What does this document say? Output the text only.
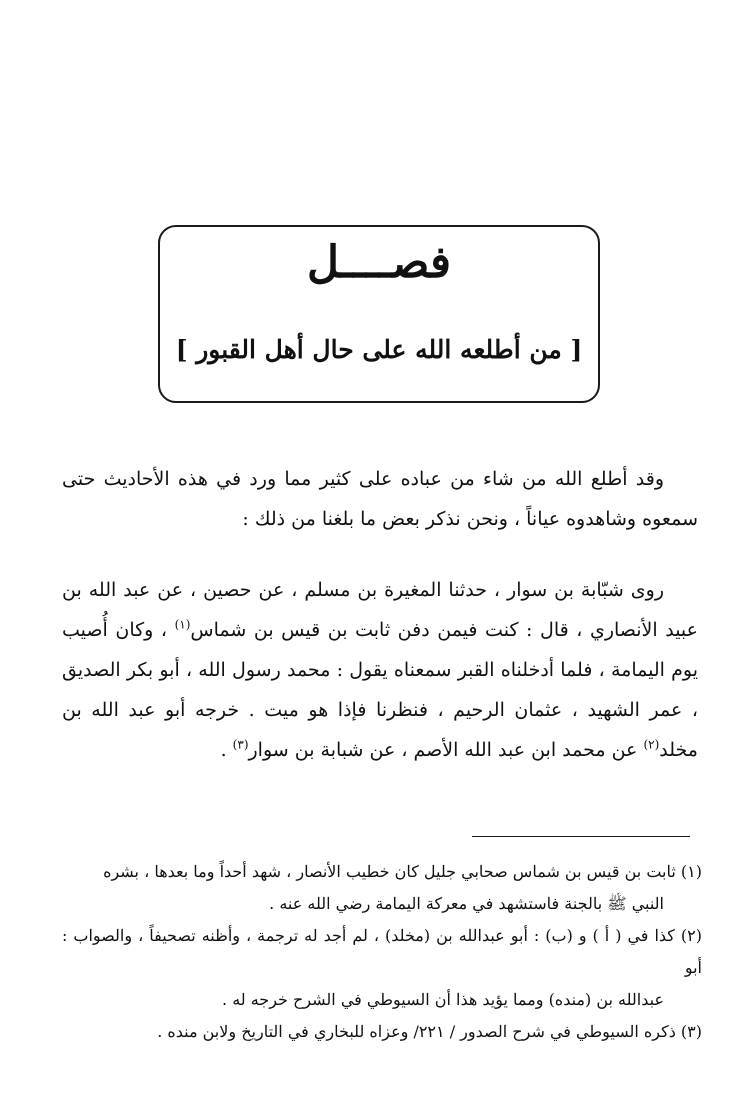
فصــــل
[ من أطلعه الله على حال أهل القبور ]

وقد أطلع الله من شاء من عباده على كثير مما ورد في هذه الأحاديث حتى سمعوه وشاهدوه عياناً ، ونحن نذكر بعض ما بلغنا من ذلك :

روى شبّابة بن سوار ، حدثنا المغيرة بن مسلم ، عن حصين ، عن عبد الله بن عبيد الأنصاري ، قال : كنت فيمن دفن ثابت بن قيس بن شماس$^{(١)}$ ، وكان أُصيب يوم اليمامة ، فلما أدخلناه القبر سمعناه يقول : محمد رسول الله ، أبو بكر الصديق ، عمر الشهيد ، عثمان الرحيم ، فنظرنا فإذا هو ميت . خرجه أبو عبد الله بن مخلد$^{(٢)}$ عن محمد ابن عبد الله الأصم ، عن شبابة بن سوار$^{(٣)}$ .

(١) ثابت بن قيس بن شماس صحابي جليل كان خطيب الأنصار ، شهد أحداً وما بعدها ، بشره
النبي ﷺ بالجنة فاستشهد في معركة اليمامة رضي الله عنه .
(٢) كذا في ( أ ) و (ب) : أبو عبدالله بن (مخلد) ، لم أجد له ترجمة ، وأظنه تصحيفاً ، والصواب : أبو
عبدالله بن (منده) ومما يؤيد هذا أن السيوطي في الشرح خرجه له .
(٣) ذكره السيوطي في شرح الصدور / ٢٢١/ وعزاه للبخاري في التاريخ ولابن منده .
